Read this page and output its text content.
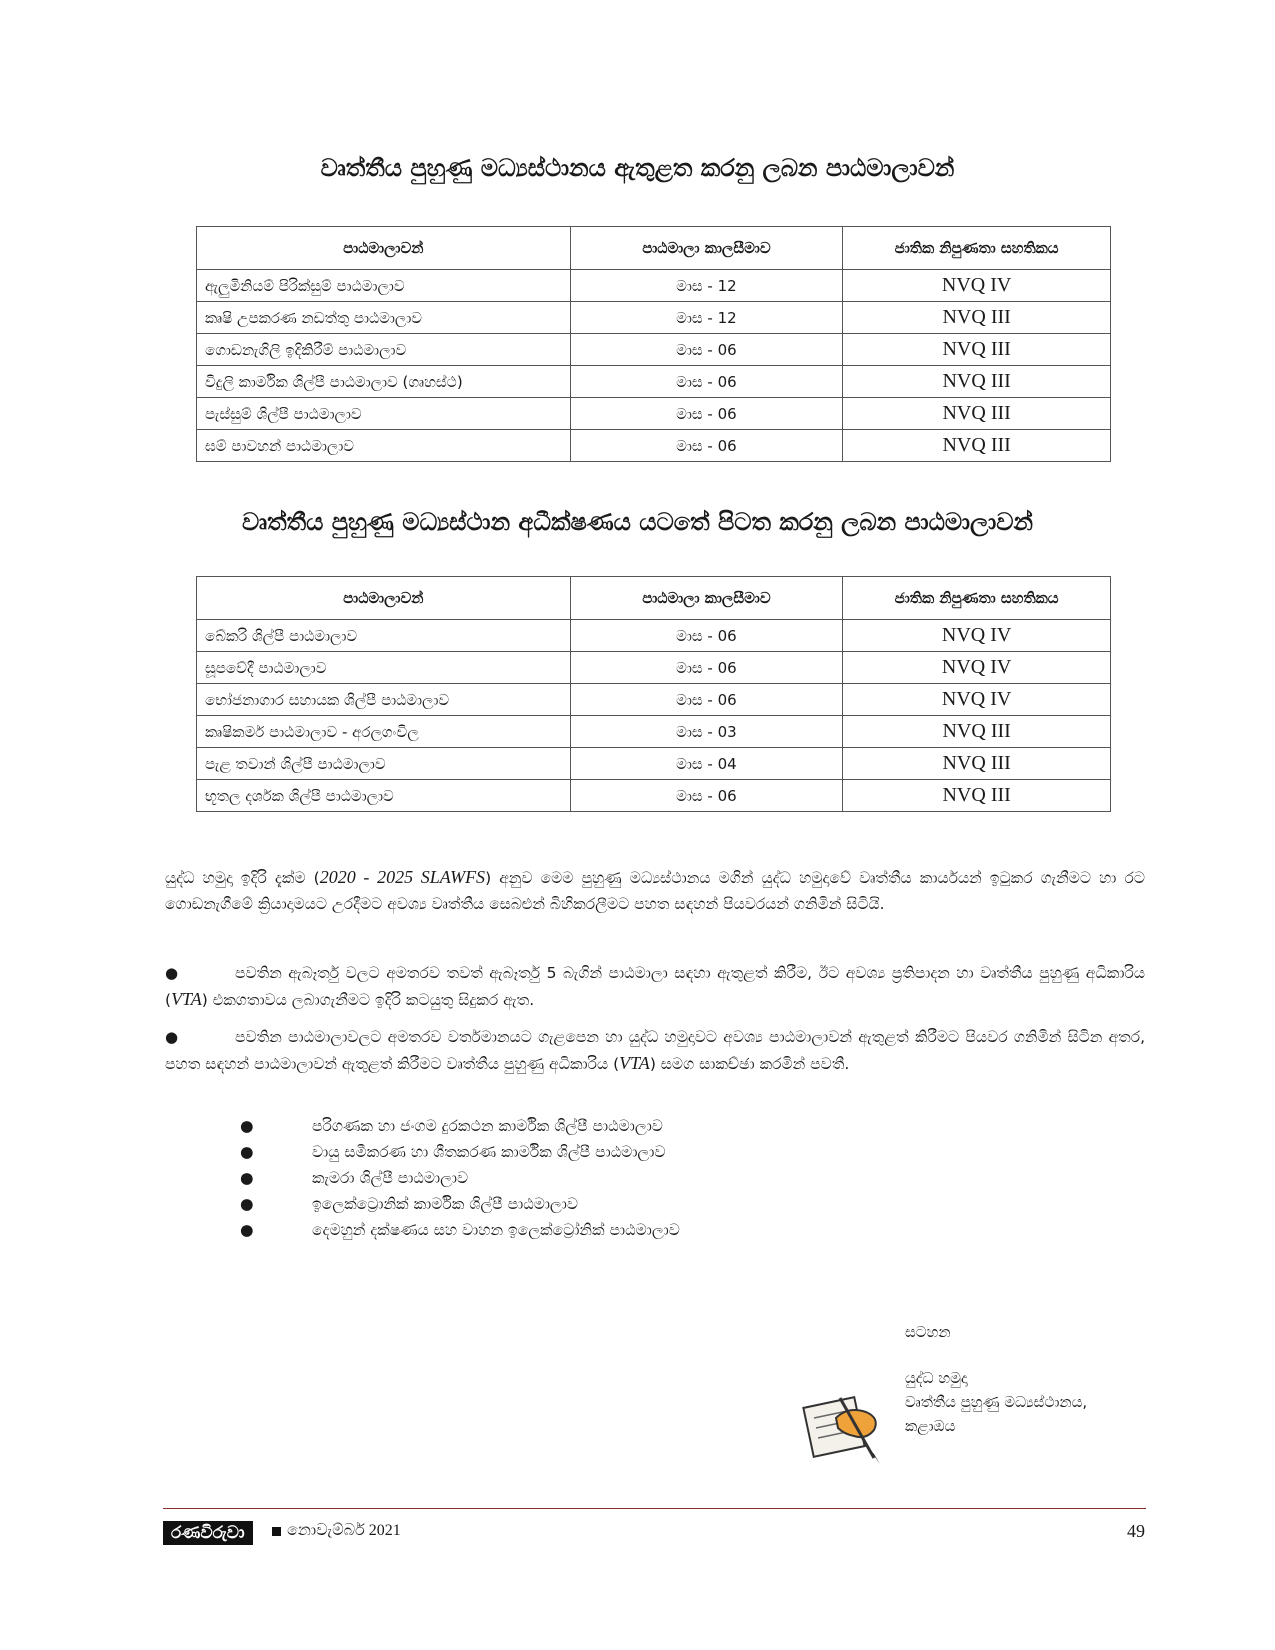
වෘත්තීය පුහුණු මධ්‍යස්ථානය ඇතුළත කරනු ලබන පාඨමාලාවන්
පාඨමාලාවන්	පාඨමාලා කාලසීමාව	ජාතික නිපුණතා සහතිකය
ඇලුමිනියම් පිරික්සුම් පාඨමාලාව	මාස - 12	NVQ IV
කෘෂි උපකරණ නඩත්තු පාඨමාලාව	මාස - 12	NVQ III
ගොඩනැගිලි ඉදිකිරීම් පාඨමාලාව	මාස - 06	NVQ III
විදුලි කාර්මික ශිල්පී පාඨමාලාව (ගෘහස්ථ)	මාස - 06	NVQ III
පැස්සුම් ශිල්පී පාඨමාලාව	මාස - 06	NVQ III
ඝම් පාවහන් පාඨමාලාව	මාස - 06	NVQ III
වෘත්තීය පුහුණු මධ්‍යස්ථාන අධීක්ෂණය යටතේ පිටත කරනු ලබන පාඨමාලාවන්
පාඨමාලාවන්	පාඨමාලා කාලසීමාව	ජාතික නිපුණතා සහතිකය
බේකරි ශිල්පී පාඨමාලාව	මාස - 06	NVQ IV
සූපවේදී පාඨමාලාව	මාස - 06	NVQ IV
භෝජනාගාර සහායක ශිල්පී පාඨමාලාව	මාස - 06	NVQ IV
කෘෂිකර්ම පාඨමාලාව - අරලගංවිල	මාස - 03	NVQ III
පැළ තවාන් ශිල්පී පාඨමාලාව	මාස - 04	NVQ III
භූතල දර්ශක ශිල්පී පාඨමාලාව	මාස - 06	NVQ III
යුද්ධ හමුදා ඉදිරි දැක්ම (2020 - 2025 SLAWFS) අනුව මෙම පුහුණු මධ්‍යස්ථානය මගින් යුද්ධ හමුදාවේ වෘත්තීය කාර්යයන් ඉටුකර ගැනීමට හා රට ගොඩනැගීමේ ක්‍රියාදාමයට උරදීමට අවශ්‍ය වෘත්තීය සෙබළුන් බිහිකරලීමට පහත සඳහන් පියවරයන් ගනිමින් සිටියි.
●	පවතින ඇබෑර්තු වලට අමතරව තවත් ඇබෑර්තු 5 බැගින් පාඨමාලා සඳහා ඇතුළත් කිරීම, ඊට අවශ්‍ය ප්‍රතිපාදන හා වෘත්තීය පුහුණු අධිකාරිය (VTA) එකගතාවය ලබාගැනීමට ඉදිරි කටයුතු සිදුකර ඇත.
●	පවතින පාඨමාලාවලට අමතරව වර්තමානයට ගැළපෙන හා යුද්ධ හමුදාවට අවශ්‍ය පාඨමාලාවන් ඇතුළත් කිරීමට පියවර ගනිමින් සිටින අතර, පහත සඳහන් පාඨමාලාවන් ඇතුළත් කිරීමට වෘත්තීය පුහුණු අධිකාරිය (VTA) සමග සාකච්ඡා කරමින් පවතී.
●	පරිගණක හා ජංගම දුරකථන කාර්මික ශිල්පී පාඨමාලාව
●	වායු සමීකරණ හා ශීතකරණ කාර්මික ශිල්පී පාඨමාලාව
●	කැමරා ශිල්පී පාඨමාලාව
●	ඉලෙක්ට්‍රොනික් කාර්මික ශිල්පී පාඨමාලාව
●	දෙමහුන් දක්ෂණය සහ වාහන ඉලෙක්ට්‍රෝනික් පාඨමාලාව
සටහන
යුද්ධ හමුදා
වෘත්තීය පුහුණු මධ්‍යස්ථානය,
කළාඔය
රණවිරුවා	නොවැම්බර් 2021	49
